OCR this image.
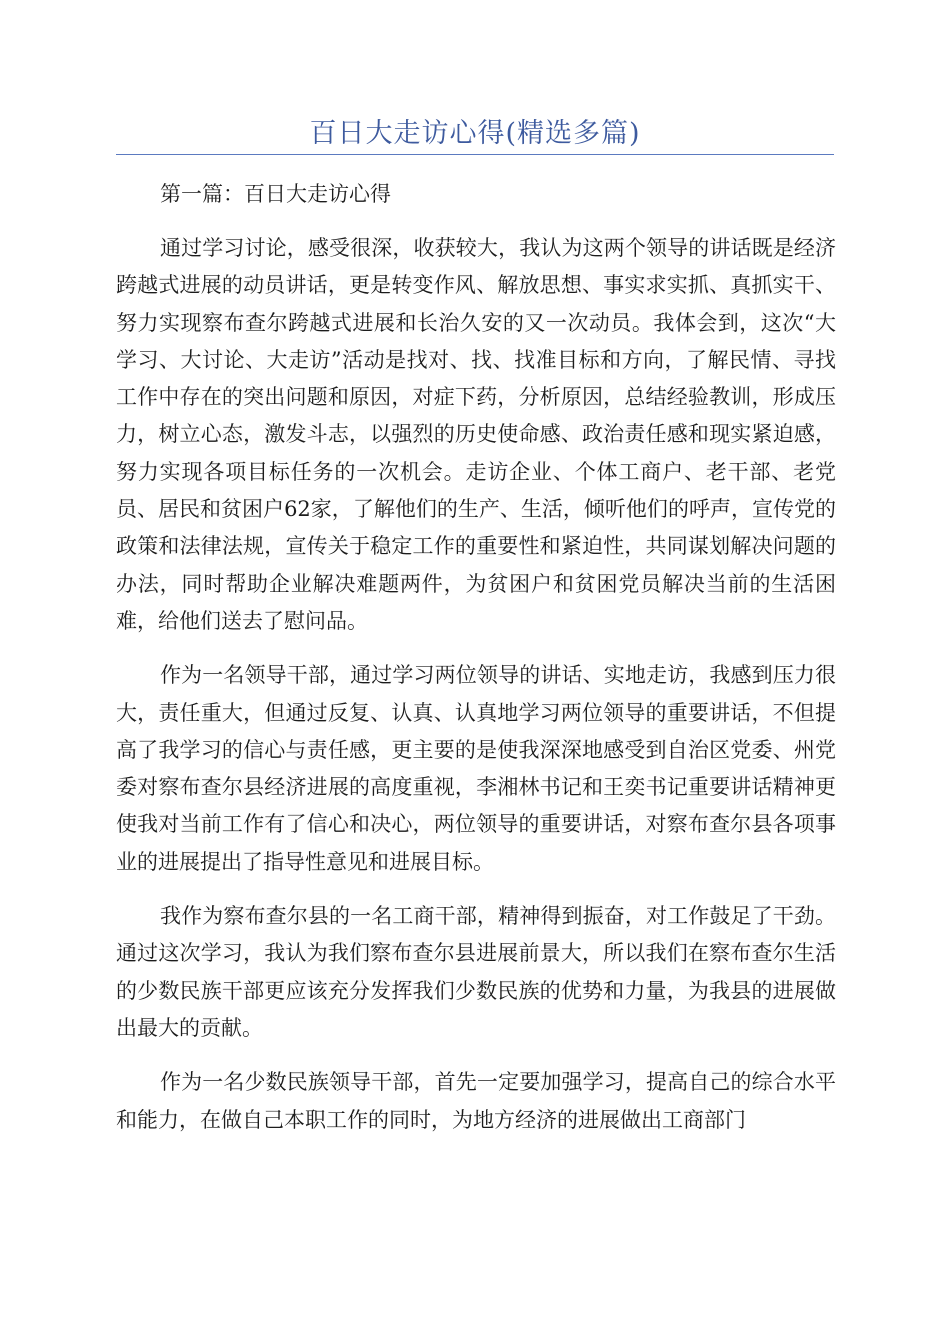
百日大走访心得(精选多篇)

第一篇：百日大走访心得

通过学习讨论，感受很深，收获较大，我认为这两个领导的讲话既是经济跨越式进展的动员讲话，更是转变作风、解放思想、事实求实抓、真抓实干、努力实现察布查尔跨越式进展和长治久安的又一次动员。我体会到，这次“大学习、大讨论、大走访”活动是找对、找、找准目标和方向，了解民情、寻找工作中存在的突出问题和原因，对症下药，分析原因，总结经验教训，形成压力，树立心态，激发斗志，以强烈的历史使命感、政治责任感和现实紧迫感，努力实现各项目标任务的一次机会。走访企业、个体工商户、老干部、老党员、居民和贫困户62家，了解他们的生产、生活，倾听他们的呼声，宣传党的政策和法律法规，宣传关于稳定工作的重要性和紧迫性，共同谋划解决问题的办法，同时帮助企业解决难题两件，为贫困户和贫困党员解决当前的生活困难，给他们送去了慰问品。

作为一名领导干部，通过学习两位领导的讲话、实地走访，我感到压力很大，责任重大，但通过反复、认真、认真地学习两位领导的重要讲话，不但提高了我学习的信心与责任感，更主要的是使我深深地感受到自治区党委、州党委对察布查尔县经济进展的高度重视，李湘林书记和王奕书记重要讲话精神更使我对当前工作有了信心和决心，两位领导的重要讲话，对察布查尔县各项事业的进展提出了指导性意见和进展目标。

我作为察布查尔县的一名工商干部，精神得到振奋，对工作鼓足了干劲。通过这次学习，我认为我们察布查尔县进展前景大，所以我们在察布查尔生活的少数民族干部更应该充分发挥我们少数民族的优势和力量，为我县的进展做出最大的贡献。

作为一名少数民族领导干部，首先一定要加强学习，提高自己的综合水平和能力，在做自己本职工作的同时，为地方经济的进展做出工商部门
